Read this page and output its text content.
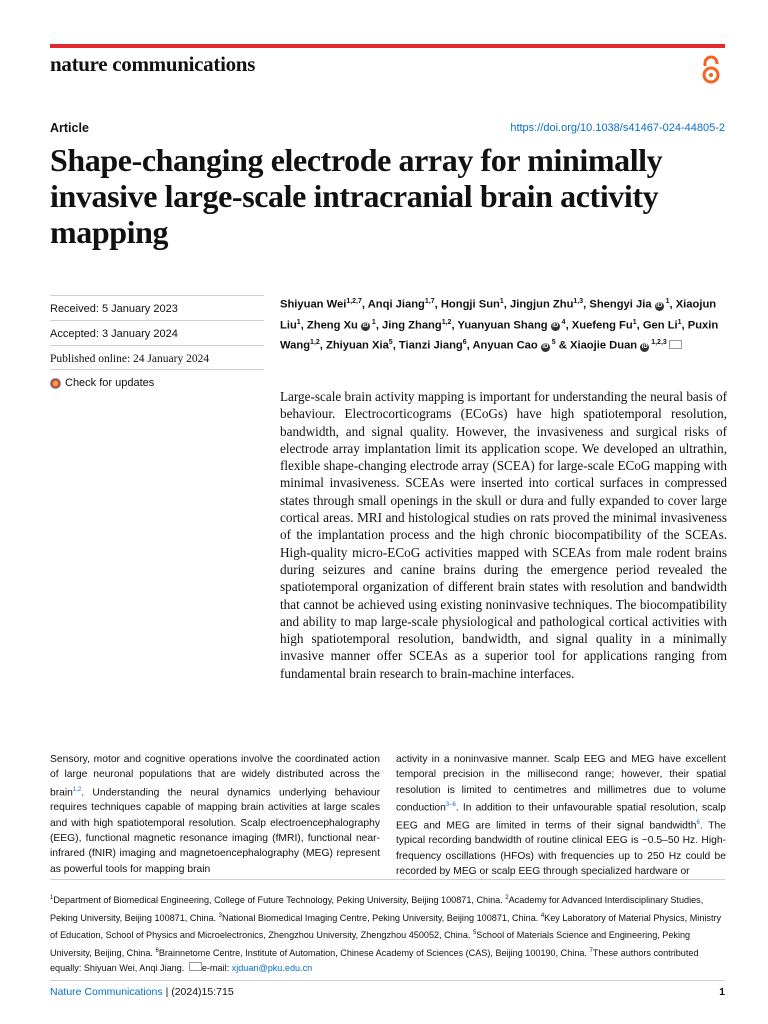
nature communications
Article	https://doi.org/10.1038/s41467-024-44805-2
Shape-changing electrode array for minimally invasive large-scale intracranial brain activity mapping
Received: 5 January 2023
Accepted: 3 January 2024
Published online: 24 January 2024
Check for updates
Shiyuan Wei$^{1,2,7}$, Anqi Jiang$^{1,7}$, Hongji Sun$^1$, Jingjun Zhu$^{1,3}$, Shengyi Jia iD $^1$, Xiaojun Liu$^1$, Zheng Xu iD $^1$, Jing Zhang$^{1,2}$, Yuanyuan Shang iD $^4$, Xuefeng Fu$^1$, Gen Li$^1$, Puxin Wang$^{1,2}$, Zhiyuan Xia$^5$, Tianzi Jiang$^6$, Anyuan Cao iD $^5$ & Xiaojie Duan iD $^{1,2,3}$

Large-scale brain activity mapping is important for understanding the neural basis of behaviour. Electrocorticograms (ECoGs) have high spatiotemporal resolution, bandwidth, and signal quality. However, the invasiveness and surgical risks of electrode array implantation limit its application scope. We developed an ultrathin, flexible shape-changing electrode array (SCEA) for large-scale ECoG mapping with minimal invasiveness. SCEAs were inserted into cortical surfaces in compressed states through small openings in the skull or dura and fully expanded to cover large cortical areas. MRI and histological studies on rats proved the minimal invasiveness of the implantation process and the high chronic biocompatibility of the SCEAs. High-quality micro-ECoG activities mapped with SCEAs from male rodent brains during seizures and canine brains during the emergence period revealed the spatiotemporal organization of different brain states with resolution and bandwidth that cannot be achieved using existing noninvasive techniques. The biocompatibility and ability to map large-scale physiological and pathological cortical activities with high spatiotemporal resolution, bandwidth, and signal quality in a minimally invasive manner offer SCEAs as a superior tool for applications ranging from fundamental brain research to brain-machine interfaces.

Sensory, motor and cognitive operations involve the coordinated action of large neuronal populations that are widely distributed across the brain$^{1,2}$. Understanding the neural dynamics underlying behaviour requires techniques capable of mapping brain activities at large scales and with high spatiotemporal resolution. Scalp electroencephalography (EEG), functional magnetic resonance imaging (fMRI), functional near-infrared (fNIR) imaging and magnetoencephalography (MEG) represent as powerful tools for mapping brain

activity in a noninvasive manner. Scalp EEG and MEG have excellent temporal precision in the millisecond range; however, their spatial resolution is limited to centimetres and millimetres due to volume conduction$^{3-6}$. In addition to their unfavourable spatial resolution, scalp EEG and MEG are limited in terms of their signal bandwidth$^6$. The typical recording bandwidth of routine clinical EEG is ~0.5–50 Hz. High-frequency oscillations (HFOs) with frequencies up to 250 Hz could be recorded by MEG or scalp EEG through specialized hardware or

$^1$Department of Biomedical Engineering, College of Future Technology, Peking University, Beijing 100871, China. $^2$Academy for Advanced Interdisciplinary Studies, Peking University, Beijing 100871, China. $^3$National Biomedical Imaging Centre, Peking University, Beijing 100871, China. $^4$Key Laboratory of Material Physics, Ministry of Education, School of Physics and Microelectronics, Zhengzhou University, Zhengzhou 450052, China. $^5$School of Materials Science and Engineering, Peking University, Beijing, China. $^6$Brainnetome Centre, Institute of Automation, Chinese Academy of Sciences (CAS), Beijing 100190, China. $^7$These authors contributed equally: Shiyuan Wei, Anqi Jiang. e-mail: xjduan@pku.edu.cn

Nature Communications | (2024)15:715	1
